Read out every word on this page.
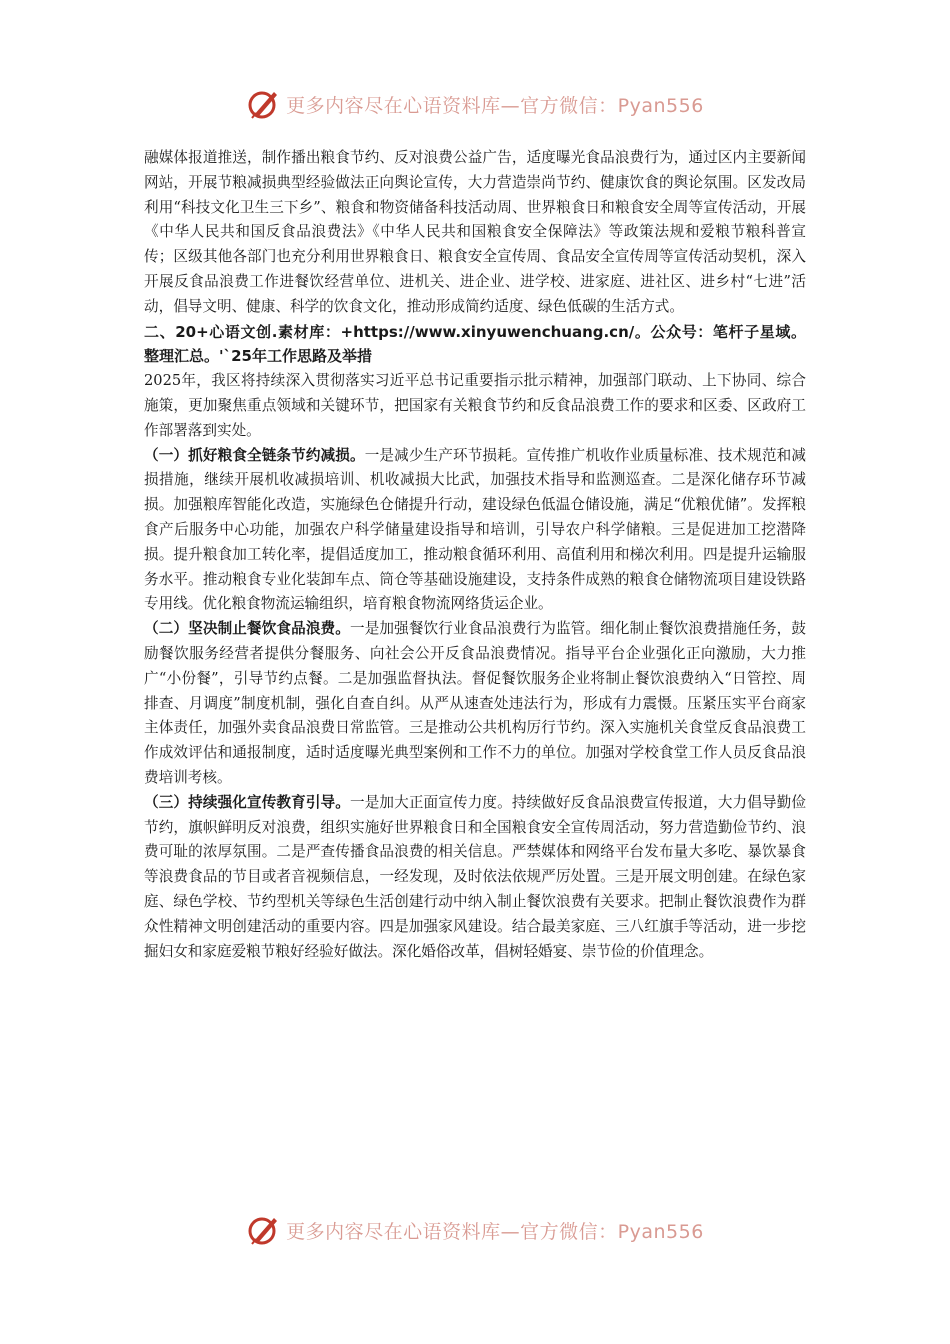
更多内容尽在心语资料库—官方微信：Pyan556

融媒体报道推送，制作播出粮食节约、反对浪费公益广告，适度曝光食品浪费行为，通过区内主要新闻网站，开展节粮减损典型经验做法正向舆论宣传，大力营造崇尚节约、健康饮食的舆论氛围。区发改局利用“科技文化卫生三下乡”、粮食和物资储备科技活动周、世界粮食日和粮食安全周等宣传活动，开展《中华人民共和国反食品浪费法》《中华人民共和国粮食安全保障法》等政策法规和爱粮节粮科普宣传；区级其他各部门也充分利用世界粮食日、粮食安全宣传周、食品安全宣传周等宣传活动契机，深入开展反食品浪费工作进餐饮经营单位、进机关、进企业、进学校、进家庭、进社区、进乡村“七进”活动，倡导文明、健康、科学的饮食文化，推动形成简约适度、绿色低碳的生活方式。

二、20+心语文创.素材库：+https://www.xinyuwenchuang.cn/。公众号：笔杆子星域。整理汇总。'`25年工作思路及举措

2025年，我区将持续深入贯彻落实习近平总书记重要指示批示精神，加强部门联动、上下协同、综合施策，更加聚焦重点领域和关键环节，把国家有关粮食节约和反食品浪费工作的要求和区委、区政府工作部署落到实处。

（一）抓好粮食全链条节约减损。一是减少生产环节损耗。宣传推广机收作业质量标准、技术规范和减损措施，继续开展机收减损培训、机收减损大比武，加强技术指导和监测巡查。二是深化储存环节减损。加强粮库智能化改造，实施绿色仓储提升行动，建设绿色低温仓储设施，满足“优粮优储”。发挥粮食产后服务中心功能，加强农户科学储量建设指导和培训，引导农户科学储粮。三是促进加工挖潜降损。提升粮食加工转化率，提倡适度加工，推动粮食循环利用、高值利用和梯次利用。四是提升运输服务水平。推动粮食专业化装卸车点、筒仓等基础设施建设，支持条件成熟的粮食仓储物流项目建设铁路专用线。优化粮食物流运输组织，培育粮食物流网络货运企业。

（二）坚决制止餐饮食品浪费。一是加强餐饮行业食品浪费行为监管。细化制止餐饮浪费措施任务，鼓励餐饮服务经营者提供分餐服务、向社会公开反食品浪费情况。指导平台企业强化正向激励，大力推广“小份餐”，引导节约点餐。二是加强监督执法。督促餐饮服务企业将制止餐饮浪费纳入“日管控、周排查、月调度”制度机制，强化自查自纠。从严从速查处违法行为，形成有力震慑。压紧压实平台商家主体责任，加强外卖食品浪费日常监管。三是推动公共机构厉行节约。深入实施机关食堂反食品浪费工作成效评估和通报制度，适时适度曝光典型案例和工作不力的单位。加强对学校食堂工作人员反食品浪费培训考核。

（三）持续强化宣传教育引导。一是加大正面宣传力度。持续做好反食品浪费宣传报道，大力倡导勤俭节约，旗帜鲜明反对浪费，组织实施好世界粮食日和全国粮食安全宣传周活动，努力营造勤俭节约、浪费可耻的浓厚氛围。二是严查传播食品浪费的相关信息。严禁媒体和网络平台发布量大多吃、暴饮暴食等浪费食品的节目或者音视频信息，一经发现，及时依法依规严厉处置。三是开展文明创建。在绿色家庭、绿色学校、节约型机关等绿色生活创建行动中纳入制止餐饮浪费有关要求。把制止餐饮浪费作为群众性精神文明创建活动的重要内容。四是加强家风建设。结合最美家庭、三八红旗手等活动，进一步挖掘妇女和家庭爱粮节粮好经验好做法。深化婚俗改革，倡树轻婚宴、崇节俭的价值理念。

更多内容尽在心语资料库—官方微信：Pyan556
